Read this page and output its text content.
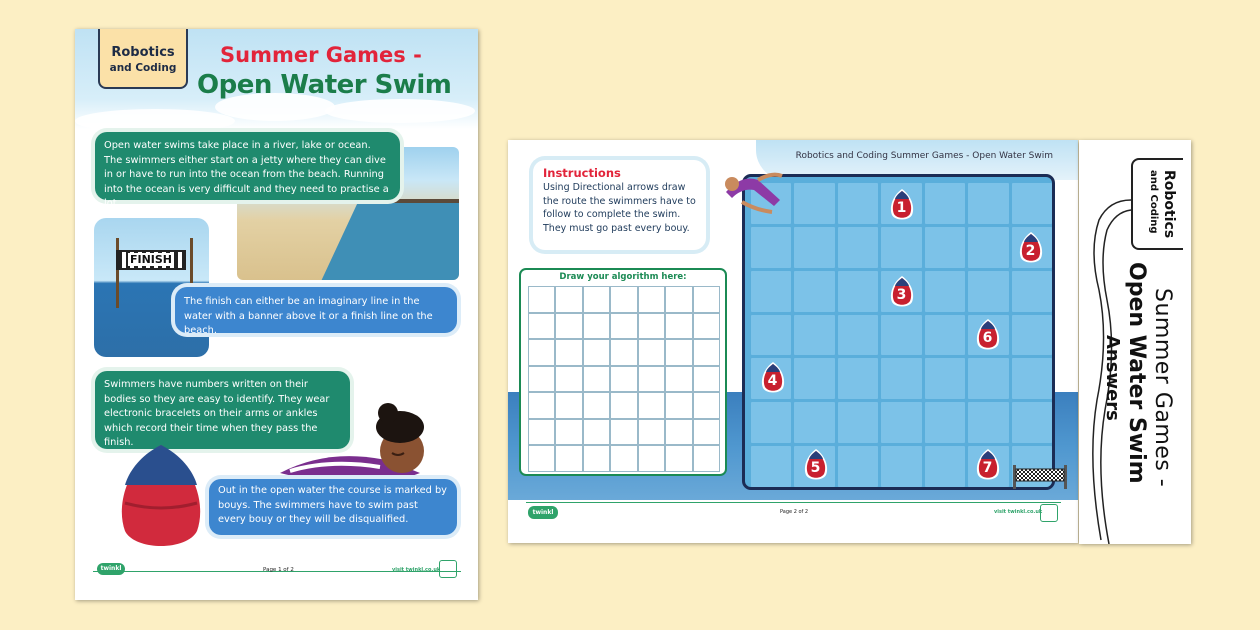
Robotics
and Coding
Summer Games -
Open Water Swim
Open water swims take place in a river, lake or ocean. The swimmers either start on a jetty where they can dive in or have to run into the ocean from the beach. Running into the ocean is very difficult and they need to practise a lot.
FINISH
The finish can either be an imaginary line in the water with a banner above it or a finish line on the beach.
Swimmers have numbers written on their bodies so they are easy to identify. They wear electronic bracelets on their arms or ankles which record their time when they pass the finish.
Out in the open water the course is marked by bouys. The swimmers have to swim past every bouy or they will be disqualified.
twinkl	Page 1 of 2	visit twinkl.co.uk
Robotics and Coding Summer Games - Open Water Swim
Instructions
Using Directional arrows draw the route the swimmers have to follow to complete the swim. They must go past every bouy.
Draw your algorithm here:
1
2
3
6
4
5	7
twinkl	Page 2 of 2	visit twinkl.co.uk
Robotics
and Coding
Summer Games -
Open Water Swim
Answers
